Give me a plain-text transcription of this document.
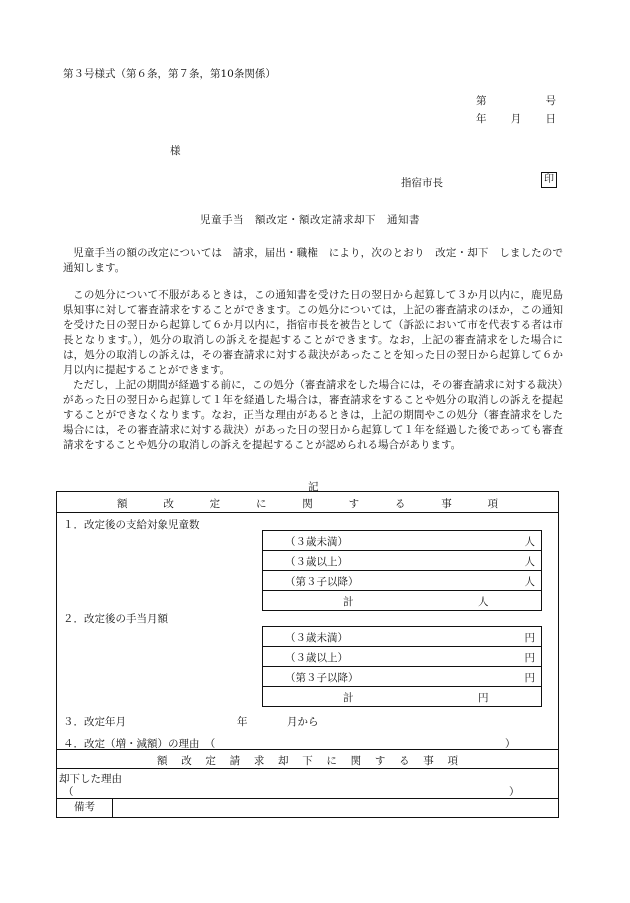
第３号様式（第６条，第７条，第10条関係）
第	号
年 月 日
様
指宿市長	印
児童手当　額改定・額改定請求却下　通知書
児童手当の額の改定については　請求，届出・職権　により，次のとおり　改定・却下　しましたので通知します。
この処分について不服があるときは，この通知書を受けた日の翌日から起算して３か月以内に，鹿児島県知事に対して審査請求をすることができます。この処分については，上記の審査請求のほか，この通知を受けた日の翌日から起算して６か月以内に，指宿市長を被告として（訴訟において市を代表する者は市長となります。），処分の取消しの訴えを提起することができます。なお，上記の審査請求をした場合には，処分の取消しの訴えは，その審査請求に対する裁決があったことを知った日の翌日から起算して６か月以内に提起することができます。
ただし，上記の期間が経過する前に，この処分（審査請求をした場合には，その審査請求に対する裁決）があった日の翌日から起算して１年を経過した場合は，審査請求をすることや処分の取消しの訴えを提起することができなくなります。なお，正当な理由があるときは，上記の期間やこの処分（審査請求をした場合には，その審査請求に対する裁決）があった日の翌日から起算して１年を経過した後であっても審査請求をすることや処分の取消しの訴えを提起することが認められる場合があります。
記
額	改	定	に	関	す	る	事	項
１．改定後の支給対象児童数
（３歳未満）	人
（３歳以上）	人
（第３子以降）	人
計	人
２．改定後の手当月額
（３歳未満）	円
（３歳以上）	円
（第３子以降）	円
計	円
３．改定年月	年	月から
４．改定（増・減額）の理由　（	）
額 改 定 請 求 却 下 に 関 す る 事 項
却下した理由
（	）
備考
